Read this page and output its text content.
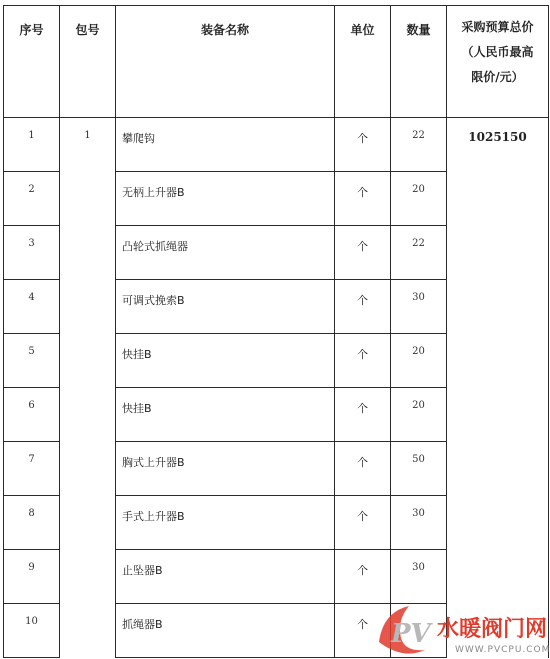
序号	包号	装备名称	单位	数量	采购预算总价
（人民币最高
限价/元）

1	1	攀爬钩	个	22	1025150
2		无柄上升器B	个	20	
3		凸轮式抓绳器	个	22	
4		可调式挽索B	个	30	
5		快挂B	个	20	
6		快挂B	个	20	
7		胸式上升器B	个	50	
8		手式上升器B	个	30	
9		止坠器B	个	30	
10		抓绳器B	个		PV 水暖阀门网
WWW.PVCPU.COM
